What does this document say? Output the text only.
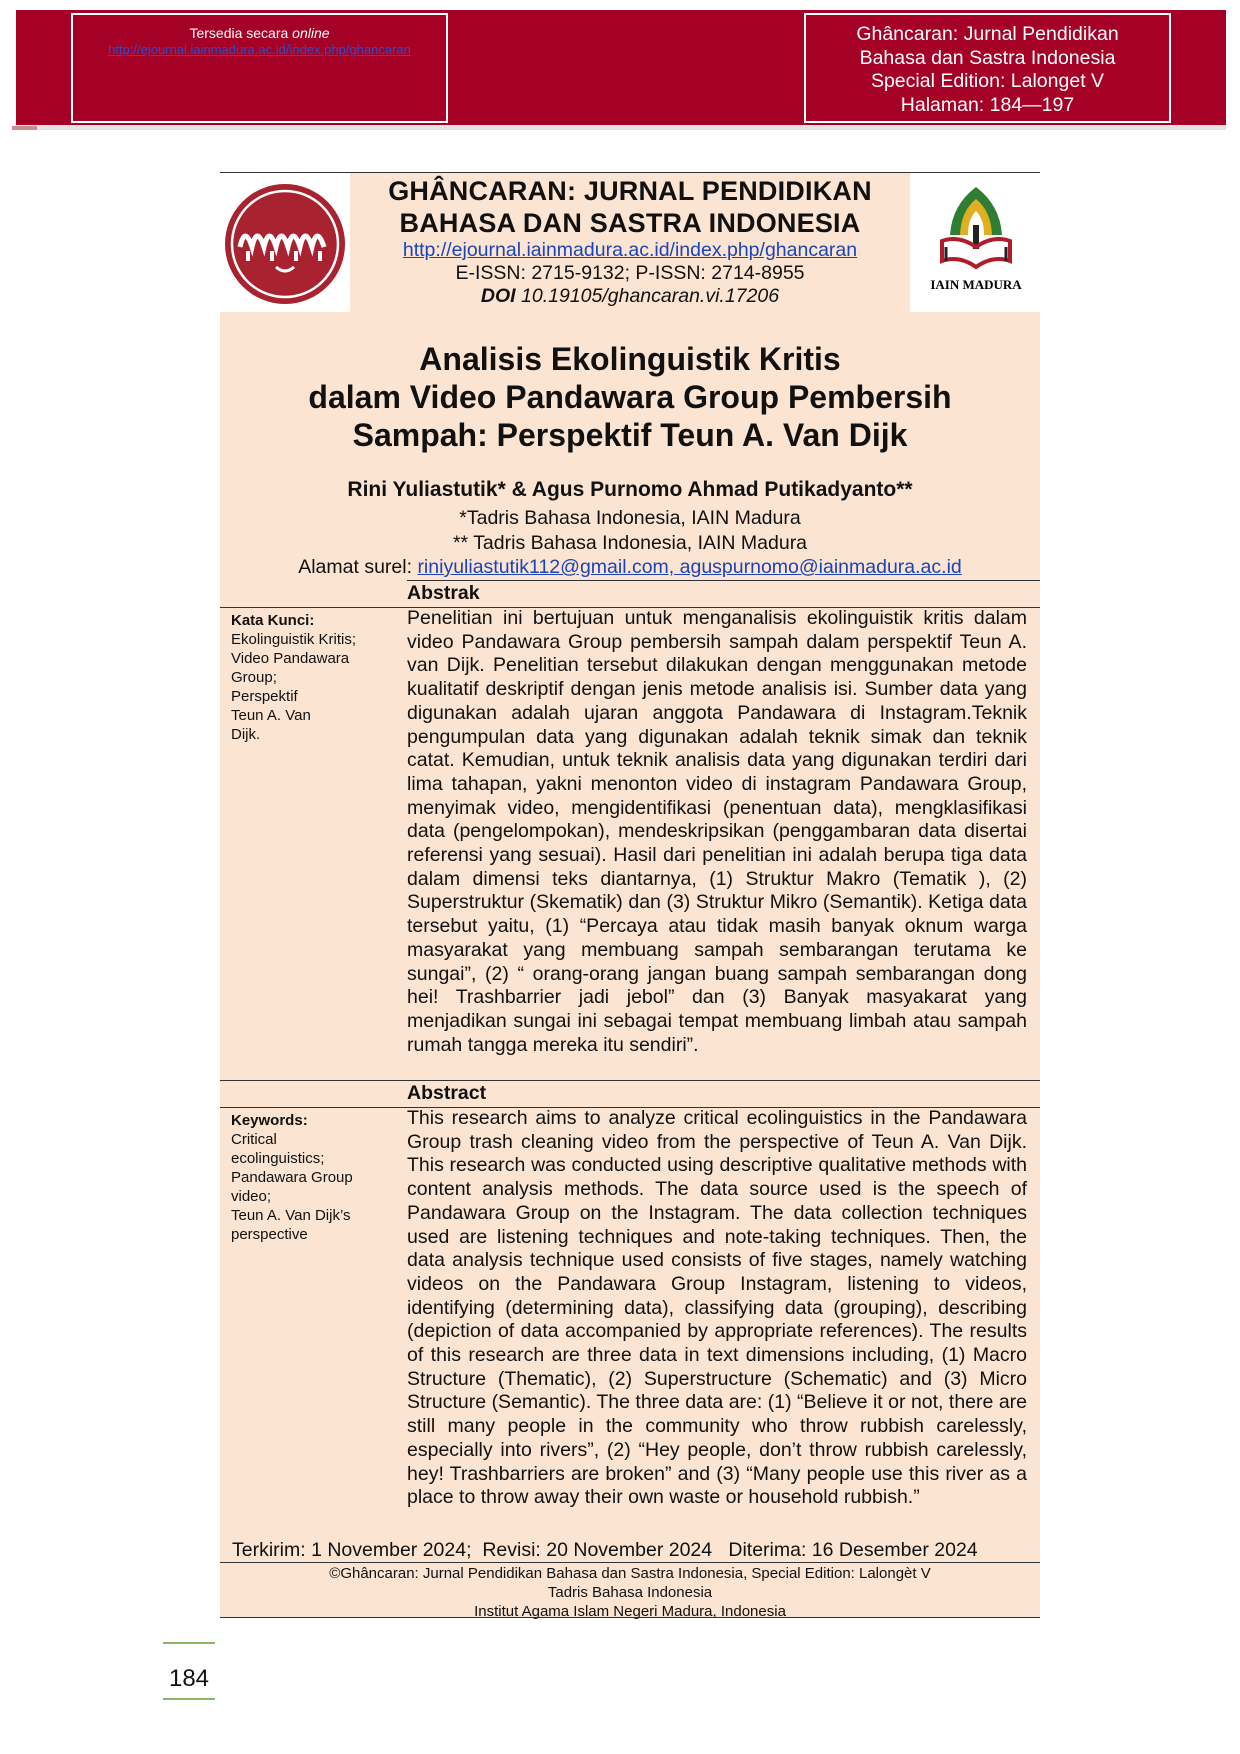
Tersedia secara online
http://ejournal.iainmadura.ac.id/index.php/ghancaran
Ghâncaran: Jurnal Pendidikan
Bahasa dan Sastra Indonesia
Special Edition: Lalonget V
Halaman: 184—197
GHÂNCARAN: JURNAL PENDIDIKAN
BAHASA DAN SASTRA INDONESIA
http://ejournal.iainmadura.ac.id/index.php/ghancaran
E-ISSN: 2715-9132; P-ISSN: 2714-8955
DOI 10.19105/ghancaran.vi.17206
IAIN MADURA
Analisis Ekolinguistik Kritis
dalam Video Pandawara Group Pembersih
Sampah: Perspektif Teun A. Van Dijk
Rini Yuliastutik* & Agus Purnomo Ahmad Putikadyanto**
*Tadris Bahasa Indonesia, IAIN Madura
** Tadris Bahasa Indonesia, IAIN Madura
Alamat surel: riniyuliastutik112@gmail.com, aguspurnomo@iainmadura.ac.id
Abstrak
Kata Kunci:
Ekolinguistik Kritis;
Video Pandawara
Group;
Perspektif
Teun A. Van
Dijk.
Penelitian ini bertujuan untuk menganalisis ekolinguistik kritis dalam video Pandawara Group pembersih sampah dalam perspektif Teun A. van Dijk. Penelitian tersebut dilakukan dengan menggunakan metode kualitatif deskriptif dengan jenis metode analisis isi. Sumber data yang digunakan adalah ujaran anggota Pandawara di Instagram.Teknik pengumpulan data yang digunakan adalah teknik simak dan teknik catat. Kemudian, untuk teknik analisis data yang digunakan terdiri dari lima tahapan, yakni menonton video di instagram Pandawara Group, menyimak video, mengidentifikasi (penentuan data), mengklasifikasi data (pengelompokan), mendeskripsikan (penggambaran data disertai referensi yang sesuai). Hasil dari penelitian ini adalah berupa tiga data dalam dimensi teks diantarnya, (1) Struktur Makro (Tematik ), (2) Superstruktur (Skematik) dan (3) Struktur Mikro (Semantik). Ketiga data tersebut yaitu, (1) “Percaya atau tidak masih banyak oknum warga masyarakat yang membuang sampah sembarangan terutama ke sungai”, (2) “ orang-orang jangan buang sampah sembarangan dong hei! Trashbarrier jadi jebol” dan (3) Banyak masyakarat yang menjadikan sungai ini sebagai tempat membuang limbah atau sampah rumah tangga mereka itu sendiri”.
Abstract
Keywords:
Critical
ecolinguistics;
Pandawara Group
video;
Teun A. Van Dijk’s
perspective
This research aims to analyze critical ecolinguistics in the Pandawara Group trash cleaning video from the perspective of Teun A. Van Dijk. This research was conducted using descriptive qualitative methods with content analysis methods. The data source used is the speech of Pandawara Group on the Instagram. The data collection techniques used are listening techniques and note-taking techniques. Then, the data analysis technique used consists of five stages, namely watching videos on the Pandawara Group Instagram, listening to videos, identifying (determining data), classifying data (grouping), describing (depiction of data accompanied by appropriate references). The results of this research are three data in text dimensions including, (1) Macro Structure (Thematic), (2) Superstructure (Schematic) and (3) Micro Structure (Semantic). The three data are: (1) “Believe it or not, there are still many people in the community who throw rubbish carelessly, especially into rivers”, (2) “Hey people, don’t throw rubbish carelessly, hey! Trashbarriers are broken” and (3) “Many people use this river as a place to throw away their own waste or household rubbish.”
Terkirim: 1 November 2024;  Revisi: 20 November 2024   Diterima: 16 Desember 2024
©Ghâncaran: Jurnal Pendidikan Bahasa dan Sastra Indonesia, Special Edition: Lalongèt V
Tadris Bahasa Indonesia
Institut Agama Islam Negeri Madura, Indonesia
184
